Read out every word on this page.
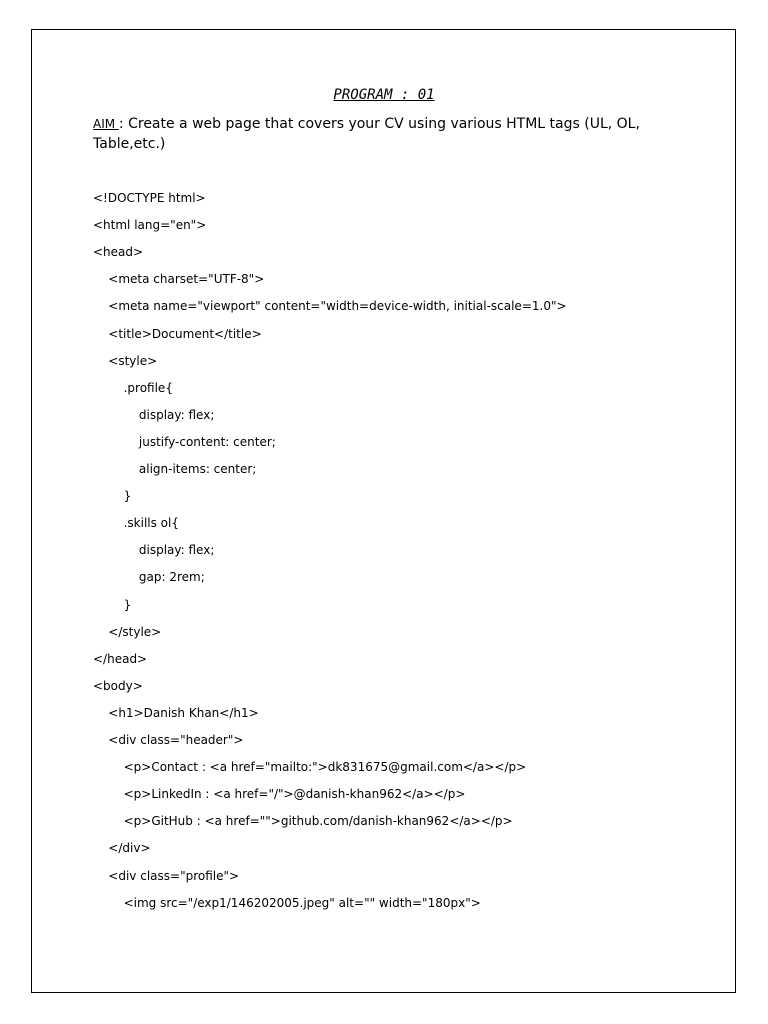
PROGRAM : 01
AIM : Create a web page that covers your CV using various HTML tags (UL, OL, Table,etc.)
<!DOCTYPE html>
<html lang="en">
<head>
<meta charset="UTF-8">
<meta name="viewport" content="width=device-width, initial-scale=1.0">
<title>Document</title>
<style>
.profile{
display: flex;
justify-content: center;
align-items: center;
}
.skills ol{
display: flex;
gap: 2rem;
}
</style>
</head>
<body>
<h1>Danish Khan</h1>
<div class="header">
<p>Contact : <a href="mailto:">dk831675@gmail.com</a></p>
<p>LinkedIn : <a href="/">@danish-khan962</a></p>
<p>GitHub : <a href="">github.com/danish-khan962</a></p>
</div>
<div class="profile">
<img src="/exp1/146202005.jpeg" alt="" width="180px">
